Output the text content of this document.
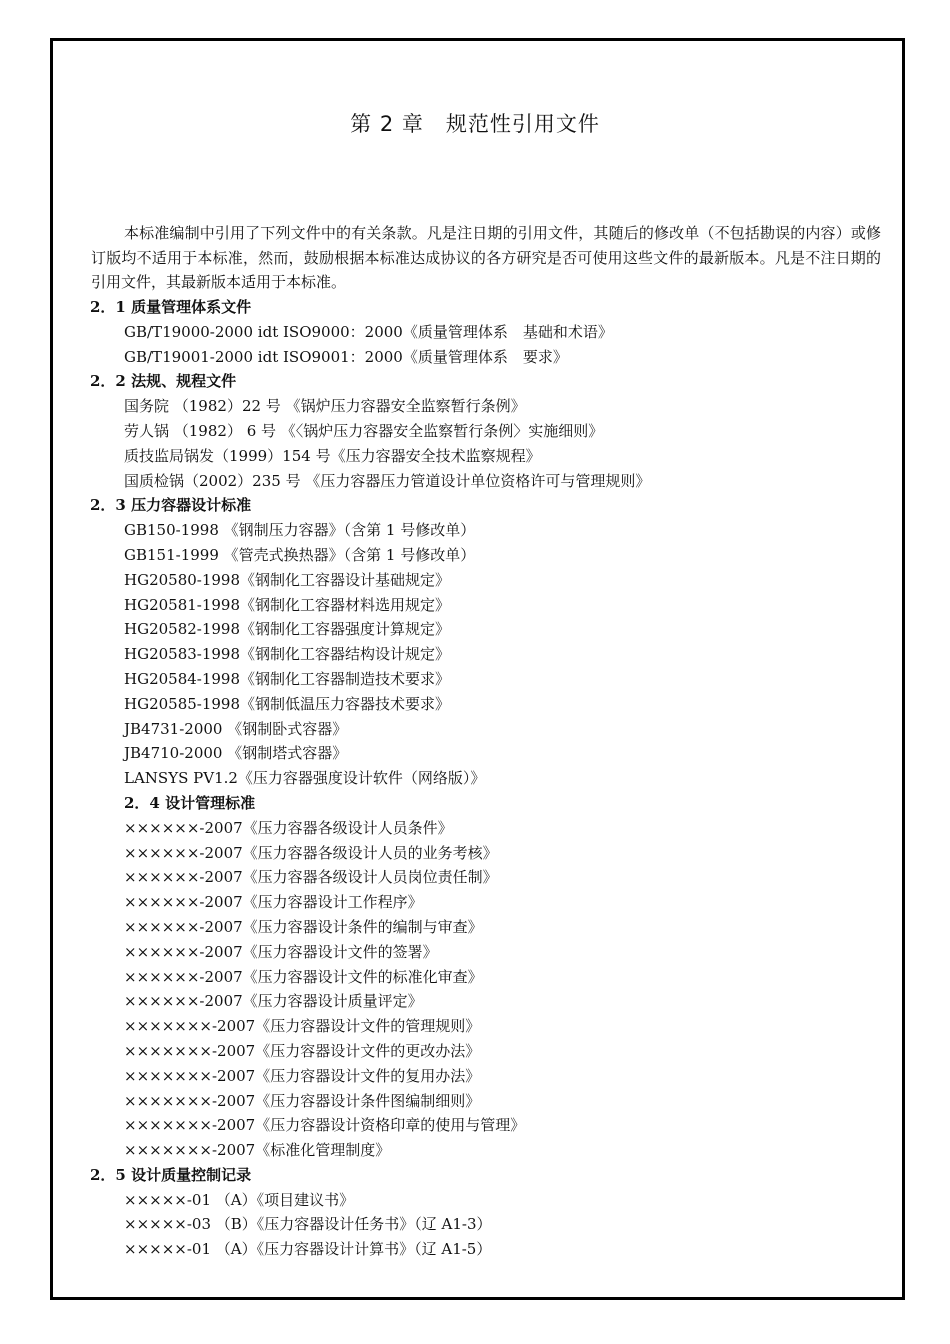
第 2 章　规范性引用文件

本标准编制中引用了下列文件中的有关条款。凡是注日期的引用文件，其随后的修改单（不包括勘误的内容）或修订版均不适用于本标准，然而，鼓励根据本标准达成协议的各方研究是否可使用这些文件的最新版本。凡是不注日期的引用文件，其最新版本适用于本标准。

2．1 质量管理体系文件
GB/T19000-2000 idt ISO9000：2000《质量管理体系　基础和术语》
GB/T19001-2000 idt ISO9001：2000《质量管理体系　要求》
2．2 法规、规程文件
国务院 （1982）22 号 《锅炉压力容器安全监察暂行条例》
劳人锅 （1982） 6 号 《〈锅炉压力容器安全监察暂行条例〉实施细则》
质技监局锅发（1999）154 号《压力容器安全技术监察规程》
国质检锅（2002）235 号 《压力容器压力管道设计单位资格许可与管理规则》
2．3 压力容器设计标准
GB150-1998 《钢制压力容器》（含第 1 号修改单）
GB151-1999 《管壳式换热器》（含第 1 号修改单）
HG20580-1998《钢制化工容器设计基础规定》
HG20581-1998《钢制化工容器材料选用规定》
HG20582-1998《钢制化工容器强度计算规定》
HG20583-1998《钢制化工容器结构设计规定》
HG20584-1998《钢制化工容器制造技术要求》
HG20585-1998《钢制低温压力容器技术要求》
JB4731-2000 《钢制卧式容器》
JB4710-2000 《钢制塔式容器》
LANSYS PV1.2《压力容器强度设计软件（网络版）》
2．4 设计管理标准
××××××-2007《压力容器各级设计人员条件》
××××××-2007《压力容器各级设计人员的业务考核》
××××××-2007《压力容器各级设计人员岗位责任制》
××××××-2007《压力容器设计工作程序》
××××××-2007《压力容器设计条件的编制与审查》
××××××-2007《压力容器设计文件的签署》
××××××-2007《压力容器设计文件的标准化审查》
××××××-2007《压力容器设计质量评定》
×××××××-2007《压力容器设计文件的管理规则》
×××××××-2007《压力容器设计文件的更改办法》
×××××××-2007《压力容器设计文件的复用办法》
×××××××-2007《压力容器设计条件图编制细则》
×××××××-2007《压力容器设计资格印章的使用与管理》
×××××××-2007《标准化管理制度》
2．5 设计质量控制记录
×××××-01 （A）《项目建议书》
×××××-03 （B）《压力容器设计任务书》（辽 A1-3）
×××××-01 （A）《压力容器设计计算书》（辽 A1-5）
